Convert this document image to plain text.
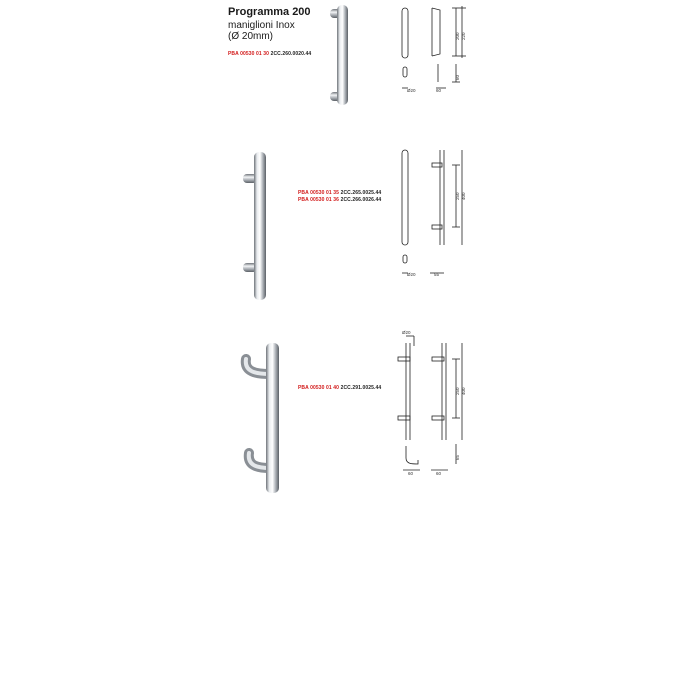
Programma 200
maniglioni Inox
(Ø 20mm)
PBA 00530 01 30 2CC.260.0020.44
PBA 00530 01 35 2CC.265.0025.44
PBA 00530 01 36 2CC.266.0026.44
PBA 00530 01 40 2CC.291.0025.44
Ø20	60
200 220
60
Ø20	55
250 400
Ø20
250 400
65
60	60
